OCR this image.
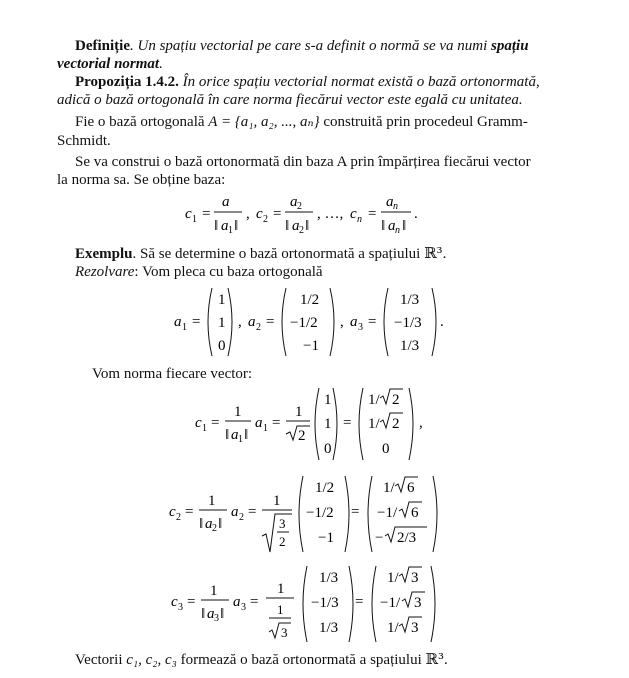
Definiție. Un spațiu vectorial pe care s-a definit o normă se va numi spațiu
vectorial normat.
Propoziția 1.4.2. În orice spațiu vectorial normat există o bază ortonormată,
adică o bază ortogonală în care norma fiecărui vector este egală cu unitatea.
Fie o bază ortogonală A = {a₁, a₂, ..., aₙ} construită prin procedeul Gramm-
Schmidt.
Se va construi o bază ortonormată din baza A prin împărțirea fiecărui vector
la norma sa. Se obține baza:
c 1 =
a
‖ a 1 ‖
, c 2 =
a 2
‖ a 2 ‖
, …, c n =
a n
‖ a n ‖
.
Exemplu. Să se determine o bază ortonormată a spațiului ℝ³.
Rezolvare: Vom pleca cu baza ortogonală
a 1 =
1
1
0
, a 2 =
1/2
−1/2
−1
, a 3 =
1/3
−1/3
1/3
.
Vom norma fiecare vector:
c 1 =
1
‖ a 1 ‖
a 1 =
1
2
1
1
0
=
1/ 2
1/ 2
0
,
c 2 =
1
‖ a 2 ‖
a 2 =
1
3
2
1/2
−1/2
−1
=
1/ 6
−1/ 6
− 2/3
c 3 =
1
‖ a 3 ‖
a 3 =
1
1
3
1/3
−1/3
1/3
=
1/ 3
−1/ 3
1/ 3
Vectorii c₁, c₂, c₃ formează o bază ortonormată a spațiului ℝ³.
